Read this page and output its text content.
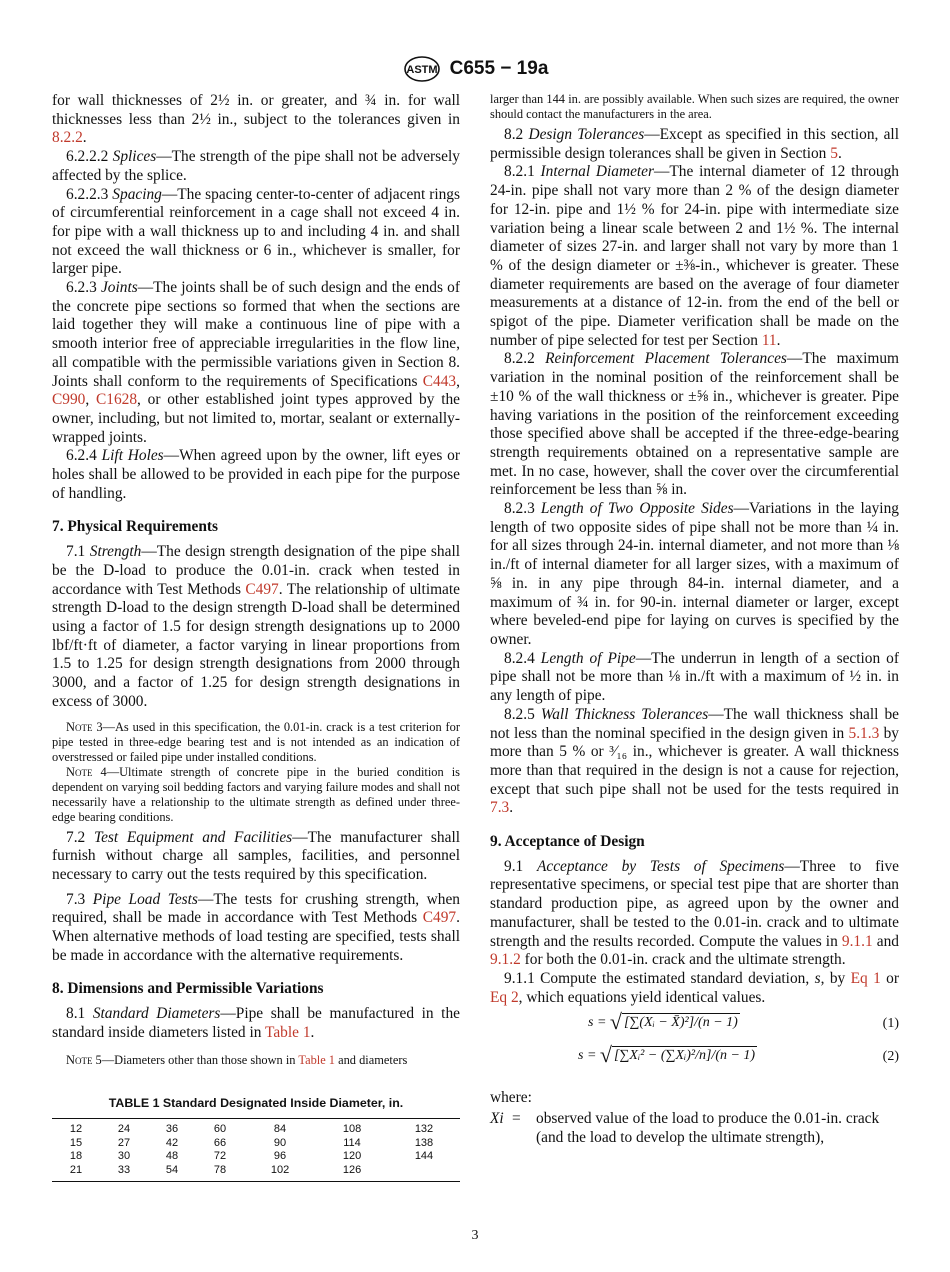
ASTM C655 − 19a

for wall thicknesses of 2½ in. or greater, and ¾ in. for wall thicknesses less than 2½ in., subject to the tolerances given in 8.2.2.

6.2.2.2 Splices—The strength of the pipe shall not be adversely affected by the splice.

6.2.2.3 Spacing—The spacing center-to-center of adjacent rings of circumferential reinforcement in a cage shall not exceed 4 in. for pipe with a wall thickness up to and including 4 in. and shall not exceed the wall thickness or 6 in., whichever is smaller, for larger pipe.

6.2.3 Joints—The joints shall be of such design and the ends of the concrete pipe sections so formed that when the sections are laid together they will make a continuous line of pipe with a smooth interior free of appreciable irregularities in the flow line, all compatible with the permissible variations given in Section 8. Joints shall conform to the requirements of Specifications C443, C990, C1628, or other established joint types approved by the owner, including, but not limited to, mortar, sealant or externally-wrapped joints.

6.2.4 Lift Holes—When agreed upon by the owner, lift eyes or holes shall be allowed to be provided in each pipe for the purpose of handling.

7. Physical Requirements

7.1 Strength—The design strength designation of the pipe shall be the D-load to produce the 0.01-in. crack when tested in accordance with Test Methods C497. The relationship of ultimate strength D-load to the design strength D-load shall be determined using a factor of 1.5 for design strength designations up to 2000 lbf/ft·ft of diameter, a factor varying in linear proportions from 1.5 to 1.25 for design strength designations from 2000 through 3000, and a factor of 1.25 for design strength designations in excess of 3000.

Note 3—As used in this specification, the 0.01-in. crack is a test criterion for pipe tested in three-edge bearing test and is not intended as an indication of overstressed or failed pipe under installed conditions.

Note 4—Ultimate strength of concrete pipe in the buried condition is dependent on varying soil bedding factors and varying failure modes and shall not necessarily have a relationship to the ultimate strength as defined under three-edge bearing conditions.

7.2 Test Equipment and Facilities—The manufacturer shall furnish without charge all samples, facilities, and personnel necessary to carry out the tests required by this specification.

7.3 Pipe Load Tests—The tests for crushing strength, when required, shall be made in accordance with Test Methods C497. When alternative methods of load testing are specified, tests shall be made in accordance with the alternative requirements.

8. Dimensions and Permissible Variations

8.1 Standard Diameters—Pipe shall be manufactured in the standard inside diameters listed in Table 1.

Note 5—Diameters other than those shown in Table 1 and diameters

TABLE 1 Standard Designated Inside Diameter, in.
12	24	36	60	84	108	132
15	27	42	66	90	114	138
18	30	48	72	96	120	144
21	33	54	78	102	126	

larger than 144 in. are possibly available. When such sizes are required, the owner should contact the manufacturers in the area.

8.2 Design Tolerances—Except as specified in this section, all permissible design tolerances shall be given in Section 5.

8.2.1 Internal Diameter—The internal diameter of 12 through 24-in. pipe shall not vary more than 2 % of the design diameter for 12-in. pipe and 1½ % for 24-in. pipe with intermediate size variation being a linear scale between 2 and 1½ %. The internal diameter of sizes 27-in. and larger shall not vary by more than 1 % of the design diameter or ±⅜-in., whichever is greater. These diameter requirements are based on the average of four diameter measurements at a distance of 12-in. from the end of the bell or spigot of the pipe. Diameter verification shall be made on the number of pipe selected for test per Section 11.

8.2.2 Reinforcement Placement Tolerances—The maximum variation in the nominal position of the reinforcement shall be ±10 % of the wall thickness or ±⅝ in., whichever is greater. Pipe having variations in the position of the reinforcement exceeding those specified above shall be accepted if the three-edge-bearing strength requirements obtained on a representative sample are met. In no case, however, shall the cover over the circumferential reinforcement be less than ⅝ in.

8.2.3 Length of Two Opposite Sides—Variations in the laying length of two opposite sides of pipe shall not be more than ¼ in. for all sizes through 24-in. internal diameter, and not more than ⅛ in./ft of internal diameter for all larger sizes, with a maximum of ⅝ in. in any pipe through 84-in. internal diameter, and a maximum of ¾ in. for 90-in. internal diameter or larger, except where beveled-end pipe for laying on curves is specified by the owner.

8.2.4 Length of Pipe—The underrun in length of a section of pipe shall not be more than ⅛ in./ft with a maximum of ½ in. in any length of pipe.

8.2.5 Wall Thickness Tolerances—The wall thickness shall be not less than the nominal specified in the design given in 5.1.3 by more than 5 % or ³⁄₁₆ in., whichever is greater. A wall thickness more than that required in the design is not a cause for rejection, except that such pipe shall not be used for the tests required in 7.3.

9. Acceptance of Design

9.1 Acceptance by Tests of Specimens—Three to five representative specimens, or special test pipe that are shorter than standard production pipe, as agreed upon by the owner and manufacturer, shall be tested to the 0.01-in. crack and to ultimate strength and the results recorded. Compute the values in 9.1.1 and 9.1.2 for both the 0.01-in. crack and the ultimate strength.

9.1.1 Compute the estimated standard deviation, s, by Eq 1 or Eq 2, which equations yield identical values.

s = √ [∑(Xᵢ − X̄)²]/(n − 1)	(1)
s = √ [∑Xᵢ² − (∑Xᵢ)²/n]/(n − 1)	(2)

where:

Xi = observed value of the load to produce the 0.01-in. crack (and the load to develop the ultimate strength),
3
